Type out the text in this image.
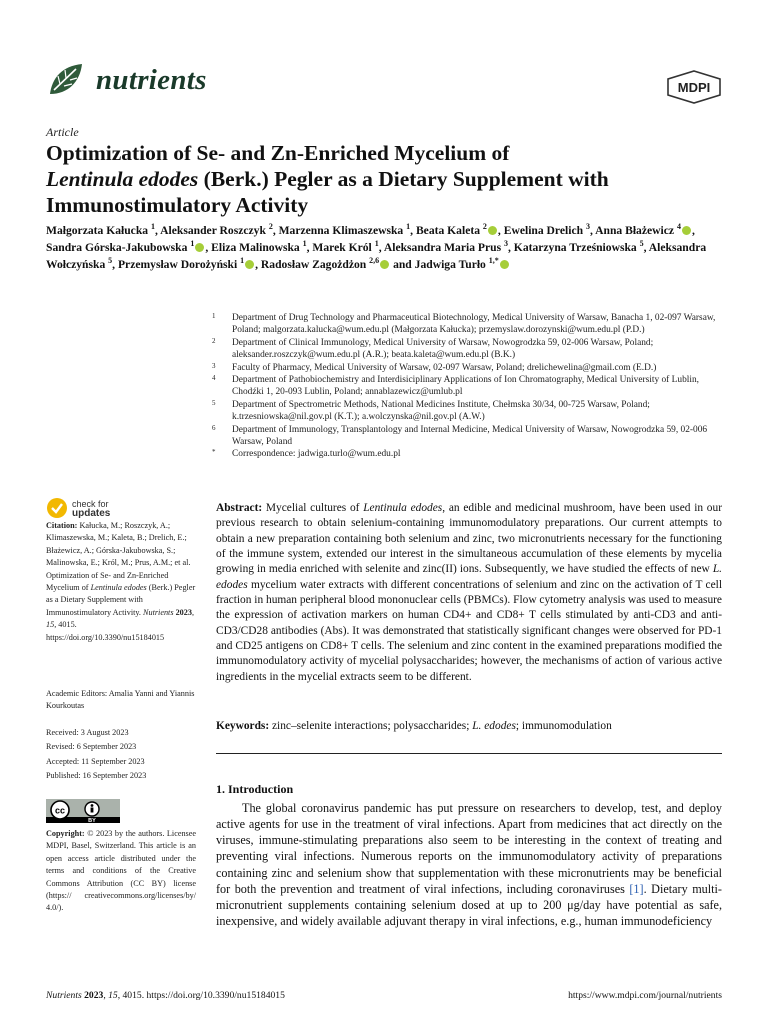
nutrients	MDPI
Article
Optimization of Se- and Zn-Enriched Mycelium of
Lentinula edodes (Berk.) Pegler as a Dietary Supplement with
Immunostimulatory Activity
Małgorzata Kałucka $^1$, Aleksander Roszczyk $^2$, Marzenna Klimaszewska $^1$, Beata Kaleta $^2$ , Ewelina Drelich $^3$, Anna Błażewicz $^4$ , Sandra Górska-Jakubowska $^1$ , Eliza Malinowska $^1$, Marek Król $^1$, Aleksandra Maria Prus $^3$, Katarzyna Trześniowska $^5$, Aleksandra Wołczyńska $^5$, Przemysław Dorożyński $^1$ , Radosław Zagożdżon $^{2,6}$ and Jadwiga Turło $^{1,*}$
1 Department of Drug Technology and Pharmaceutical Biotechnology, Medical University of Warsaw, Banacha 1, 02-097 Warsaw, Poland; malgorzata.kalucka@wum.edu.pl (Małgorzata Kałucka); przemyslaw.dorozynski@wum.edu.pl (P.D.)
2 Department of Clinical Immunology, Medical University of Warsaw, Nowogrodzka 59, 02-006 Warsaw, Poland; aleksander.roszczyk@wum.edu.pl (A.R.); beata.kaleta@wum.edu.pl (B.K.)
3 Faculty of Pharmacy, Medical University of Warsaw, 02-097 Warsaw, Poland; drelichewelina@gmail.com (E.D.)
4 Department of Pathobiochemistry and Interdisiciplinary Applications of Ion Chromatography, Medical University of Lublin, Chodźki 1, 20-093 Lublin, Poland; annablazewicz@umlub.pl
5 Department of Spectrometric Methods, National Medicines Institute, Chełmska 30/34, 00-725 Warsaw, Poland; k.trzesniowska@nil.gov.pl (K.T.); a.wolczynska@nil.gov.pl (A.W.)
6 Department of Immunology, Transplantology and Internal Medicine, Medical University of Warsaw, Nowogrodzka 59, 02-006 Warsaw, Poland
* Correspondence: jadwiga.turlo@wum.edu.pl
check for
updates
Citation: Kałucka, M.; Roszczyk, A.; Klimaszewska, M.; Kaleta, B.; Drelich, E.; Błażewicz, A.; Górska-Jakubowska, S.; Malinowska, E.; Król, M.; Prus, A.M.; et al. Optimization of Se- and Zn-Enriched Mycelium of Lentinula edodes (Berk.) Pegler as a Dietary Supplement with Immunostimulatory Activity. Nutrients 2023, 15, 4015. https://doi.org/10.3390/nu15184015
Academic Editors: Amalia Yanni and Yiannis Kourkoutas
Received: 3 August 2023
Revised: 6 September 2023
Accepted: 11 September 2023
Published: 16 September 2023
cc
BY
Copyright: © 2023 by the authors. Licensee MDPI, Basel, Switzerland. This article is an open access article distributed under the terms and conditions of the Creative Commons Attribution (CC BY) license (https:// creativecommons.org/licenses/by/ 4.0/).
Abstract: Mycelial cultures of Lentinula edodes, an edible and medicinal mushroom, have been used in our previous research to obtain selenium-containing immunomodulatory preparations. Our current attempts to obtain a new preparation containing both selenium and zinc, two micronutrients necessary for the functioning of the immune system, extended our interest in the simultaneous accumulation of these elements by mycelia growing in media enriched with selenite and zinc(II) ions. Subsequently, we have studied the effects of new L. edodes mycelium water extracts with different concentrations of selenium and zinc on the activation of T cell fraction in human peripheral blood mononuclear cells (PBMCs). Flow cytometry analysis was used to measure the expression of activation markers on human CD4+ and CD8+ T cells stimulated by anti-CD3 and anti-CD3/CD28 antibodies (Abs). It was demonstrated that statistically significant changes were observed for PD-1 and CD25 antigens on CD8+ T cells. The selenium and zinc content in the examined preparations modified the immunomodulatory activity of mycelial polysaccharides; however, the mechanisms of action of various active ingredients in the mycelial extracts seem to be different.
Keywords: zinc–selenite interactions; polysaccharides; L. edodes; immunomodulation
1. Introduction
The global coronavirus pandemic has put pressure on researchers to develop, test, and deploy active agents for use in the treatment of viral infections. Apart from medicines that act directly on the viruses, immune-stimulating preparations also seem to be interesting in the context of treating and preventing viral infections. Numerous reports on the immunomodulatory activity of preparations containing zinc and selenium show that supplementation with these micronutrients may be beneficial for both the prevention and treatment of viral infections, including coronaviruses [1]. Dietary multi-micronutrient supplements containing selenium dosed at up to 200 μg/day have potential as safe, inexpensive, and widely available adjuvant therapy in viral infections, e.g., human immunodeficiency
Nutrients 2023, 15, 4015. https://doi.org/10.3390/nu15184015	https://www.mdpi.com/journal/nutrients
